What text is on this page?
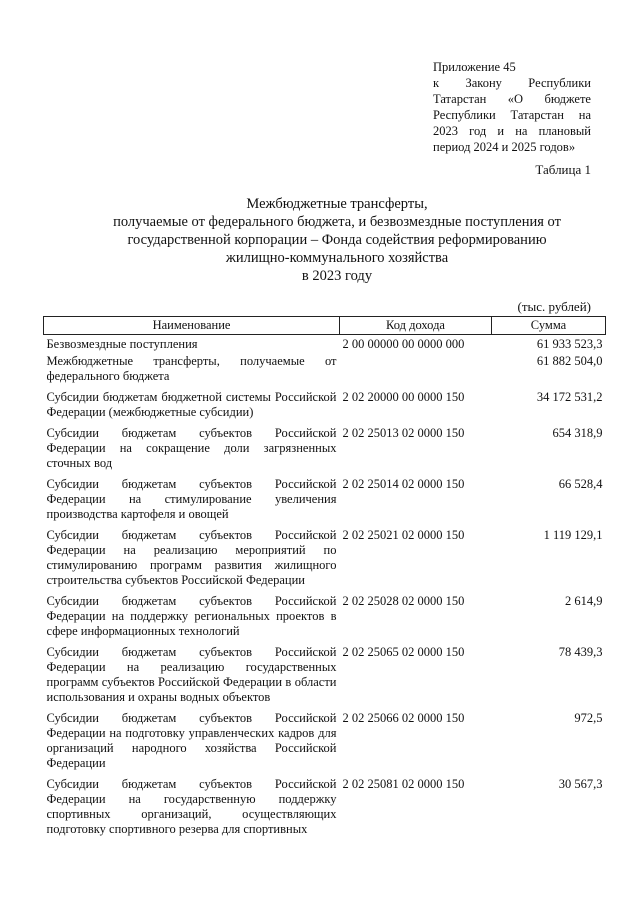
Приложение 45
к Закону Республики
Татарстан «О бюджете
Республики Татарстан на
2023 год и на плановый
период 2024 и 2025 годов»
Таблица 1
Межбюджетные трансферты,
получаемые от федерального бюджета, и безвозмездные поступления от
государственной корпорации – Фонда содействия реформированию
жилищно-коммунального хозяйства
в 2023 году
(тыс. рублей)
Наименование	Код дохода	Сумма
Безвозмездные поступления	2 00 00000 00 0000 000	61 933 523,3
Межбюджетные трансферты, получаемые от федерального бюджета		61 882 504,0
Субсидии бюджетам бюджетной системы Российской Федерации (межбюджетные субсидии)	2 02 20000 00 0000 150	34 172 531,2
Субсидии бюджетам субъектов Российской Федерации на сокращение доли загрязненных сточных вод	2 02 25013 02 0000 150	654 318,9
Субсидии бюджетам субъектов Российской Федерации на стимулирование увеличения производства картофеля и овощей	2 02 25014 02 0000 150	66 528,4
Субсидии бюджетам субъектов Российской Федерации на реализацию мероприятий по стимулированию программ развития жилищного строительства субъектов Российской Федерации	2 02 25021 02 0000 150	1 119 129,1
Субсидии бюджетам субъектов Российской Федерации на поддержку региональных проектов в сфере информационных технологий	2 02 25028 02 0000 150	2 614,9
Субсидии бюджетам субъектов Российской Федерации на реализацию государственных программ субъектов Российской Федерации в области использования и охраны водных объектов	2 02 25065 02 0000 150	78 439,3
Субсидии бюджетам субъектов Российской Федерации на подготовку управленческих кадров для организаций народного хозяйства Российской Федерации	2 02 25066 02 0000 150	972,5
Субсидии бюджетам субъектов Российской Федерации на государственную поддержку спортивных организаций, осуществляющих подготовку спортивного резерва для спортивных	2 02 25081 02 0000 150	30 567,3
